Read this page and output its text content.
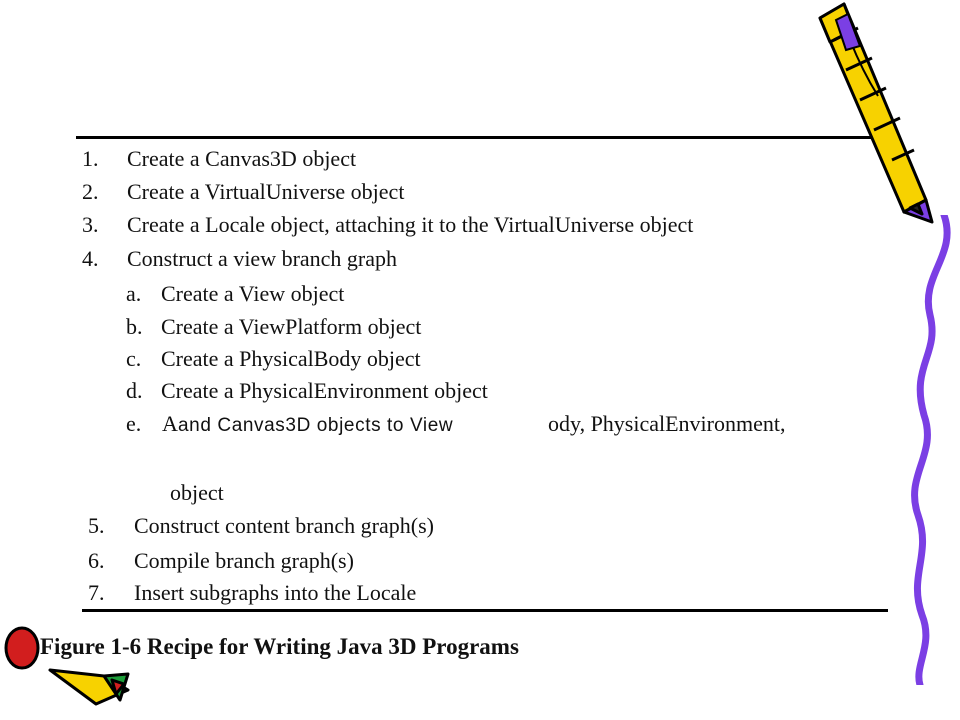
1. Create a Canvas3D object
2. Create a VirtualUniverse object
3. Create a Locale object, attaching it to the VirtualUniverse object
4. Construct a view branch graph
a. Create a View object
b. Create a ViewPlatform object
c. Create a PhysicalBody object
d. Create a PhysicalEnvironment object
e. A and Canvas3D objects to View	ody, PhysicalEnvironment,
object
5. Construct content branch graph(s)
6. Compile branch graph(s)
7. Insert subgraphs into the Locale
Figure 1-6 Recipe for Writing Java 3D Programs
